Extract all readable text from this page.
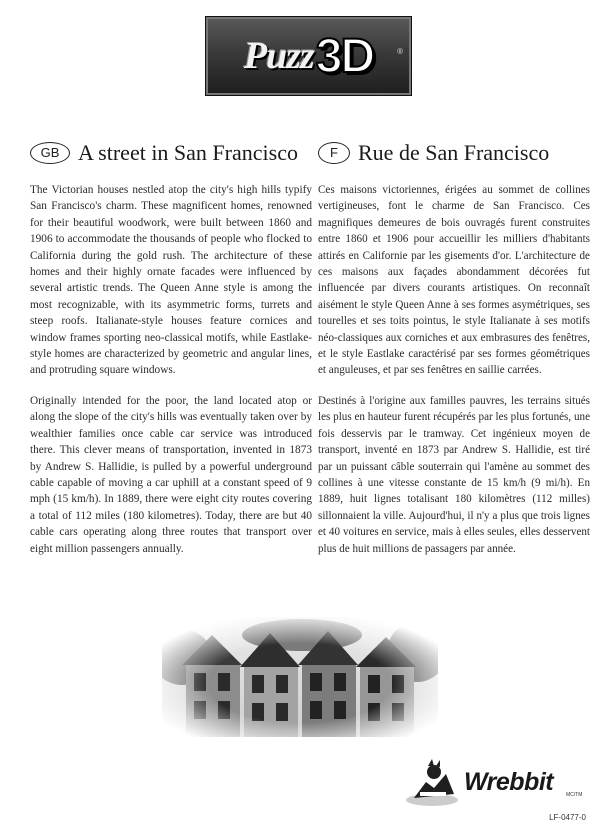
Puzz 3D	®
GB A street in San Francisco

The Victorian houses nestled atop the city's high hills typify San Francisco's charm. These magnificent homes, renowned for their beautiful woodwork, were built between 1860 and 1906 to accommodate the thousands of people who flocked to California during the gold rush. The architecture of these homes and their highly ornate facades were influenced by several artistic trends. The Queen Anne style is among the most recognizable, with its asymmetric forms, turrets and steep roofs. Italianate-style houses feature cornices and window frames sporting neo-classical motifs, while Eastlake-style homes are characterized by geometric and angular lines, and protruding square windows.

Originally intended for the poor, the land located atop or along the slope of the city's hills was eventually taken over by wealthier families once cable car service was introduced there. This clever means of transportation, invented in 1873 by Andrew S. Hallidie, is pulled by a powerful underground cable capable of moving a car uphill at a constant speed of 9 mph (15 km/h). In 1889, there were eight city routes covering a total of 112 miles (180 kilometres). Today, there are but 40 cable cars operating along three routes that transport over eight million passengers annually.

F Rue de San Francisco

Ces maisons victoriennes, érigées au sommet de collines vertigineuses, font le charme de San Francisco. Ces magnifiques demeures de bois ouvragés furent construites entre 1860 et 1906 pour accueillir les milliers d'habitants attirés en Californie par les gisements d'or. L'architecture de ces maisons aux façades abondamment décorées fut influencée par divers courants artistiques. On reconnaît aisément le style Queen Anne à ses formes asymétriques, ses tourelles et ses toits pointus, le style Italianate à ses motifs néo-classiques aux corniches et aux embrasures des fenêtres, et le style Eastlake caractérisé par ses formes géométriques et anguleuses, et par ses fenêtres en saillie carrées.

Destinés à l'origine aux familles pauvres, les terrains situés les plus en hauteur furent récupérés par les plus fortunés, une fois desservis par le tramway. Cet ingénieux moyen de transport, inventé en 1873 par Andrew S. Hallidie, est tiré par un puissant câble souterrain qui l'amène au sommet des collines à une vitesse constante de 15 km/h (9 mi/h). En 1889, huit lignes totalisant 180 kilomètres (112 milles) sillonnaient la ville. Aujourd'hui, il n'y a plus que trois lignes et 40 voitures en service, mais à elles seules, elles desservent plus de huit millions de passagers par année.

Wrebbit	MC/TM
LF-0477-0
